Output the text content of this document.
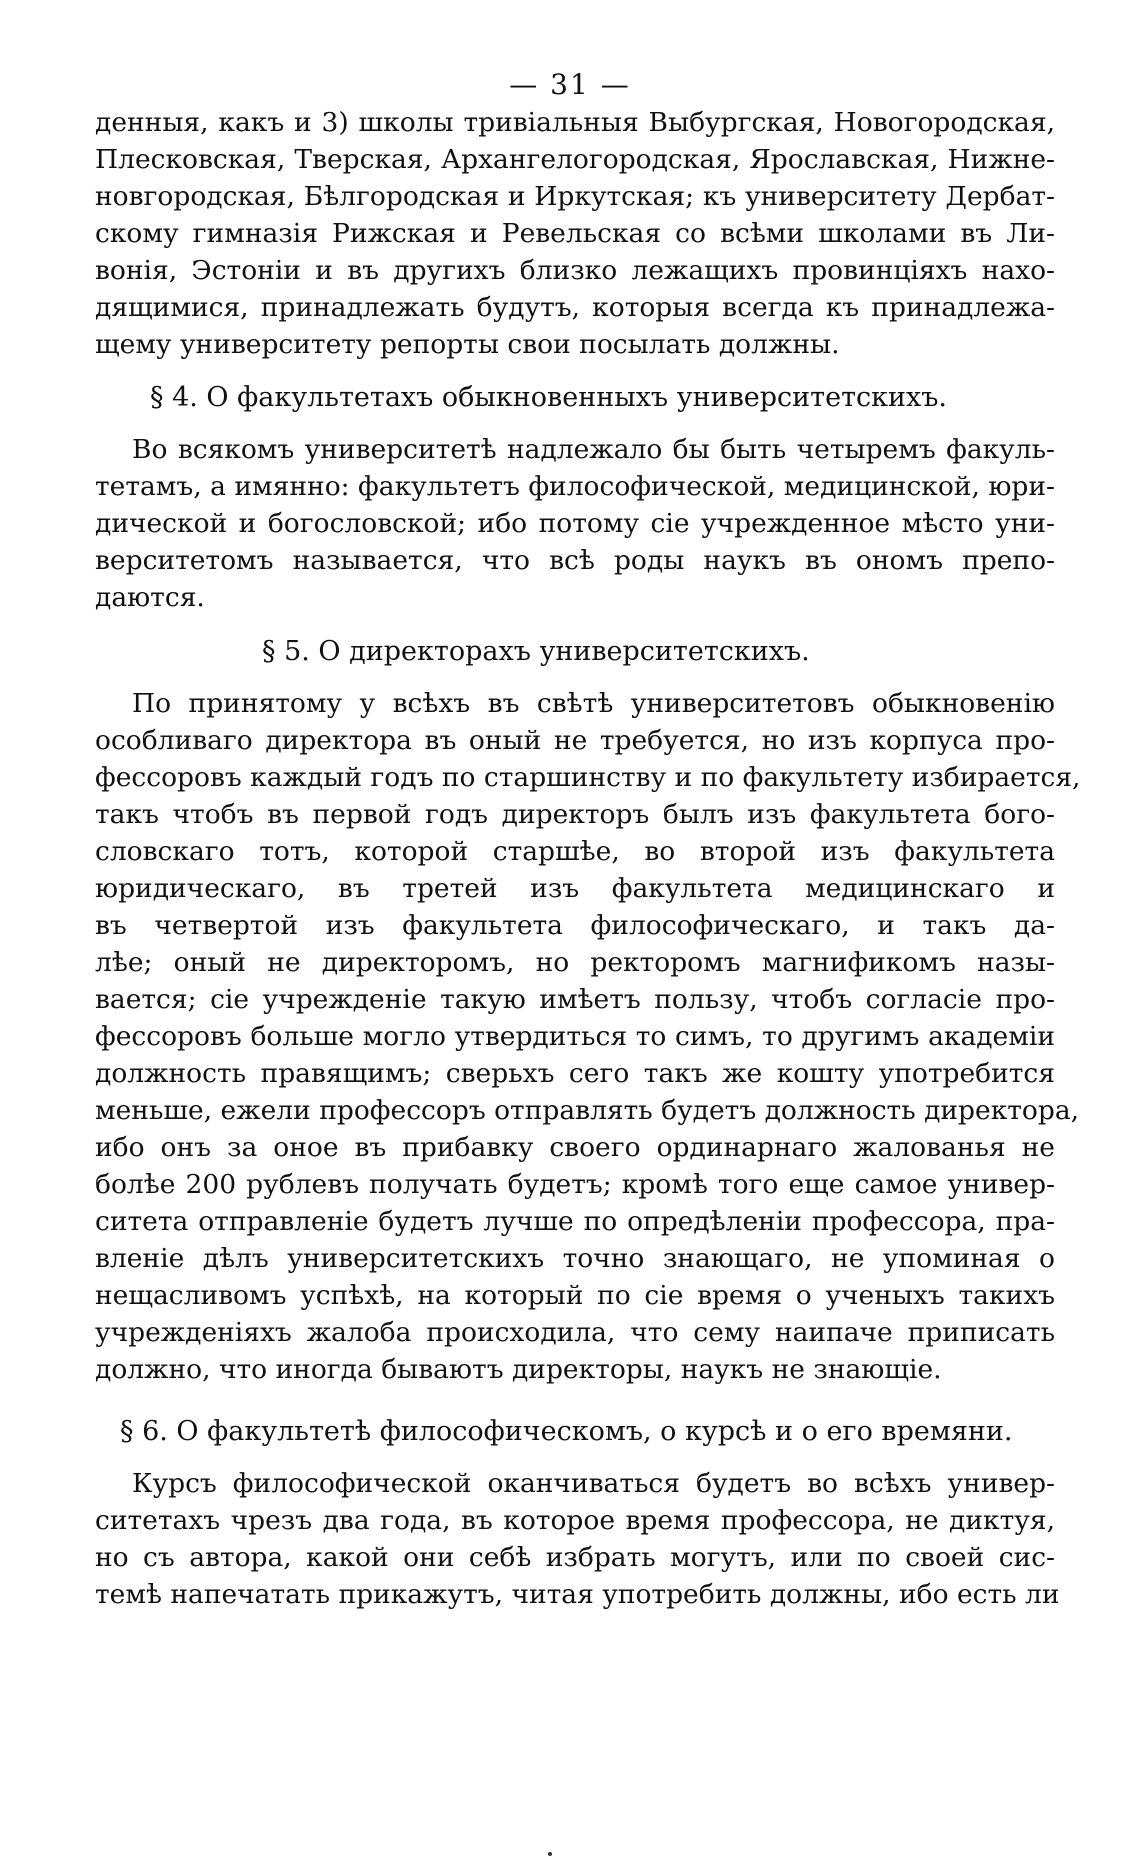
— 31 —
денныя, какъ и 3) школы тривіальныя Выбургская, Новогородская,
Плесковская, Тверская, Архангелогородская, Ярославская, Нижне-
новгородская, Бѣлгородская и Иркутская; къ университету Дербат-
скому гимназія Рижская и Ревельская со всѣми школами въ Ли-
вонія, Эстоніи и въ другихъ близко лежащихъ провинціяхъ нахо-
дящимися, принадлежать будутъ, которыя всегда къ принадлежа-
щему университету репорты свои посылать должны.
§ 4. О факультетахъ обыкновенныхъ университетскихъ.
Во всякомъ университетѣ надлежало бы быть четыремъ факуль-
тетамъ, а имянно: факультетъ философической, медицинской, юри-
дической и богословской; ибо потому сіе учрежденное мѣсто уни-
верситетомъ называется, что всѣ роды наукъ въ ономъ препо-
даются.
§ 5. О директорахъ университетскихъ.
По принятому у всѣхъ въ свѣтѣ университетовъ обыкновенію
особливаго директора въ оный не требуется, но изъ корпуса про-
фессоровъ каждый годъ по старшинству и по факультету избирается,
такъ чтобъ въ первой годъ директоръ былъ изъ факультета бого-
словскаго тотъ, которой старшѣе, во второй изъ факультета
юридическаго, въ третей изъ факультета медицинскаго и
въ четвертой изъ факультета философическаго, и такъ да-
лѣе; оный не директоромъ, но ректоромъ магнификомъ назы-
вается; сіе учрежденіе такую имѣетъ пользу, чтобъ согласіе про-
фессоровъ больше могло утвердиться то симъ, то другимъ академіи
должность правящимъ; сверьхъ сего такъ же кошту употребится
меньше, ежели профессоръ отправлять будетъ должность директора,
ибо онъ за оное въ прибавку своего ординарнаго жалованья не
болѣе 200 рублевъ получать будетъ; кромѣ того еще самое универ-
ситета отправленіе будетъ лучше по опредѣленіи профессора, пра-
вленіе дѣлъ университетскихъ точно знающаго, не упоминая о
нещасливомъ успѣхѣ, на который по сіе время о ученыхъ такихъ
учрежденіяхъ жалоба происходила, что сему наипаче приписать
должно, что иногда бываютъ директоры, наукъ не знающіе.
§ 6. О факультетѣ философическомъ, о курсѣ и о его времяни.
Курсъ философической оканчиваться будетъ во всѣхъ универ-
ситетахъ чрезъ два года, въ которое время профессора, не диктуя,
но съ автора, какой они себѣ избрать могутъ, или по своей сис-
темѣ напечатать прикажутъ, читая употребить должны, ибо есть ли
